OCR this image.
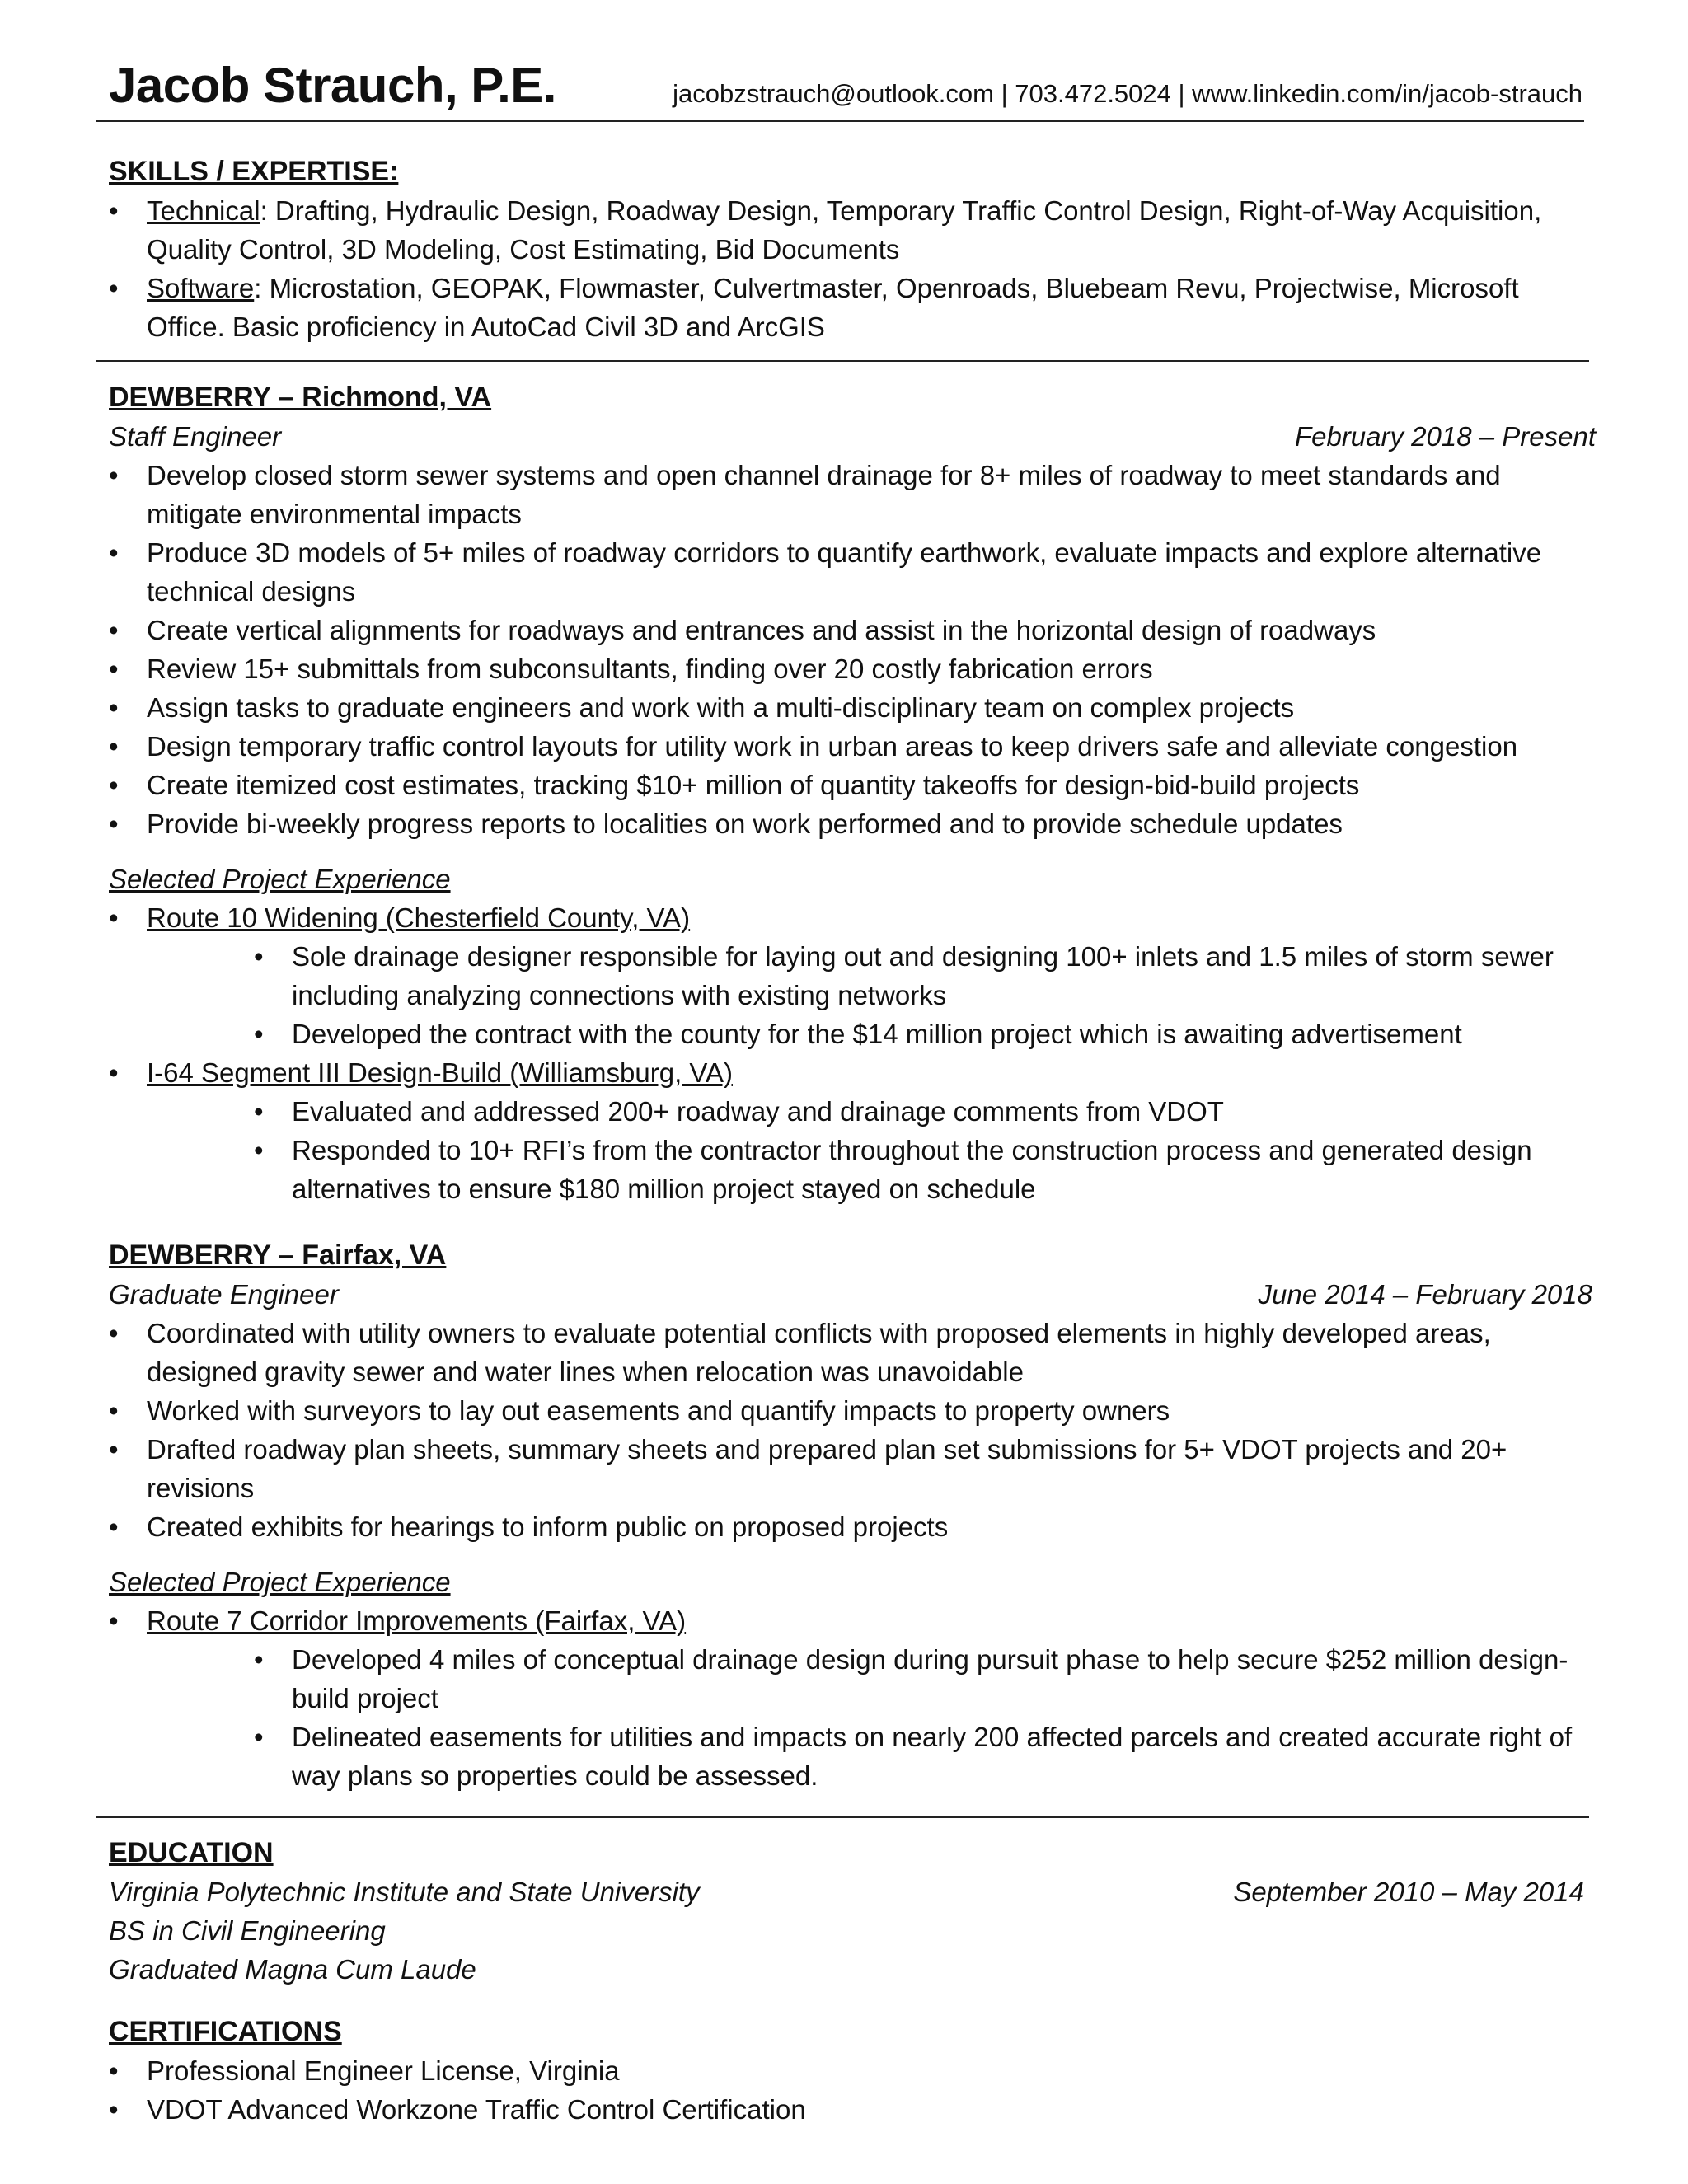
Jacob Strauch, P.E.	jacobzstrauch@outlook.com | 703.472.5024 | www.linkedin.com/in/jacob-strauch
SKILLS / EXPERTISE:
• Technical: Drafting, Hydraulic Design, Roadway Design, Temporary Traffic Control Design, Right-of-Way Acquisition, Quality Control, 3D Modeling, Cost Estimating, Bid Documents
• Software: Microstation, GEOPAK, Flowmaster, Culvertmaster, Openroads, Bluebeam Revu, Projectwise, Microsoft Office. Basic proficiency in AutoCad Civil 3D and ArcGIS
DEWBERRY – Richmond, VA
Staff Engineer	February 2018 – Present
• Develop closed storm sewer systems and open channel drainage for 8+ miles of roadway to meet standards and mitigate environmental impacts
• Produce 3D models of 5+ miles of roadway corridors to quantify earthwork, evaluate impacts and explore alternative technical designs
• Create vertical alignments for roadways and entrances and assist in the horizontal design of roadways
• Review 15+ submittals from subconsultants, finding over 20 costly fabrication errors
• Assign tasks to graduate engineers and work with a multi-disciplinary team on complex projects
• Design temporary traffic control layouts for utility work in urban areas to keep drivers safe and alleviate congestion
• Create itemized cost estimates, tracking $10+ million of quantity takeoffs for design-bid-build projects
• Provide bi-weekly progress reports to localities on work performed and to provide schedule updates
Selected Project Experience
• Route 10 Widening (Chesterfield County, VA)
• Sole drainage designer responsible for laying out and designing 100+ inlets and 1.5 miles of storm sewer including analyzing connections with existing networks
• Developed the contract with the county for the $14 million project which is awaiting advertisement
• I-64 Segment III Design-Build (Williamsburg, VA)
• Evaluated and addressed 200+ roadway and drainage comments from VDOT
• Responded to 10+ RFI’s from the contractor throughout the construction process and generated design alternatives to ensure $180 million project stayed on schedule
DEWBERRY – Fairfax, VA
Graduate Engineer	June 2014 – February 2018
• Coordinated with utility owners to evaluate potential conflicts with proposed elements in highly developed areas, designed gravity sewer and water lines when relocation was unavoidable
• Worked with surveyors to lay out easements and quantify impacts to property owners
• Drafted roadway plan sheets, summary sheets and prepared plan set submissions for 5+ VDOT projects and 20+ revisions
• Created exhibits for hearings to inform public on proposed projects
Selected Project Experience
• Route 7 Corridor Improvements (Fairfax, VA)
• Developed 4 miles of conceptual drainage design during pursuit phase to help secure $252 million design-build project
• Delineated easements for utilities and impacts on nearly 200 affected parcels and created accurate right of way plans so properties could be assessed.
EDUCATION
Virginia Polytechnic Institute and State University	September 2010 – May 2014
BS in Civil Engineering
Graduated Magna Cum Laude
CERTIFICATIONS
• Professional Engineer License, Virginia
• VDOT Advanced Workzone Traffic Control Certification
